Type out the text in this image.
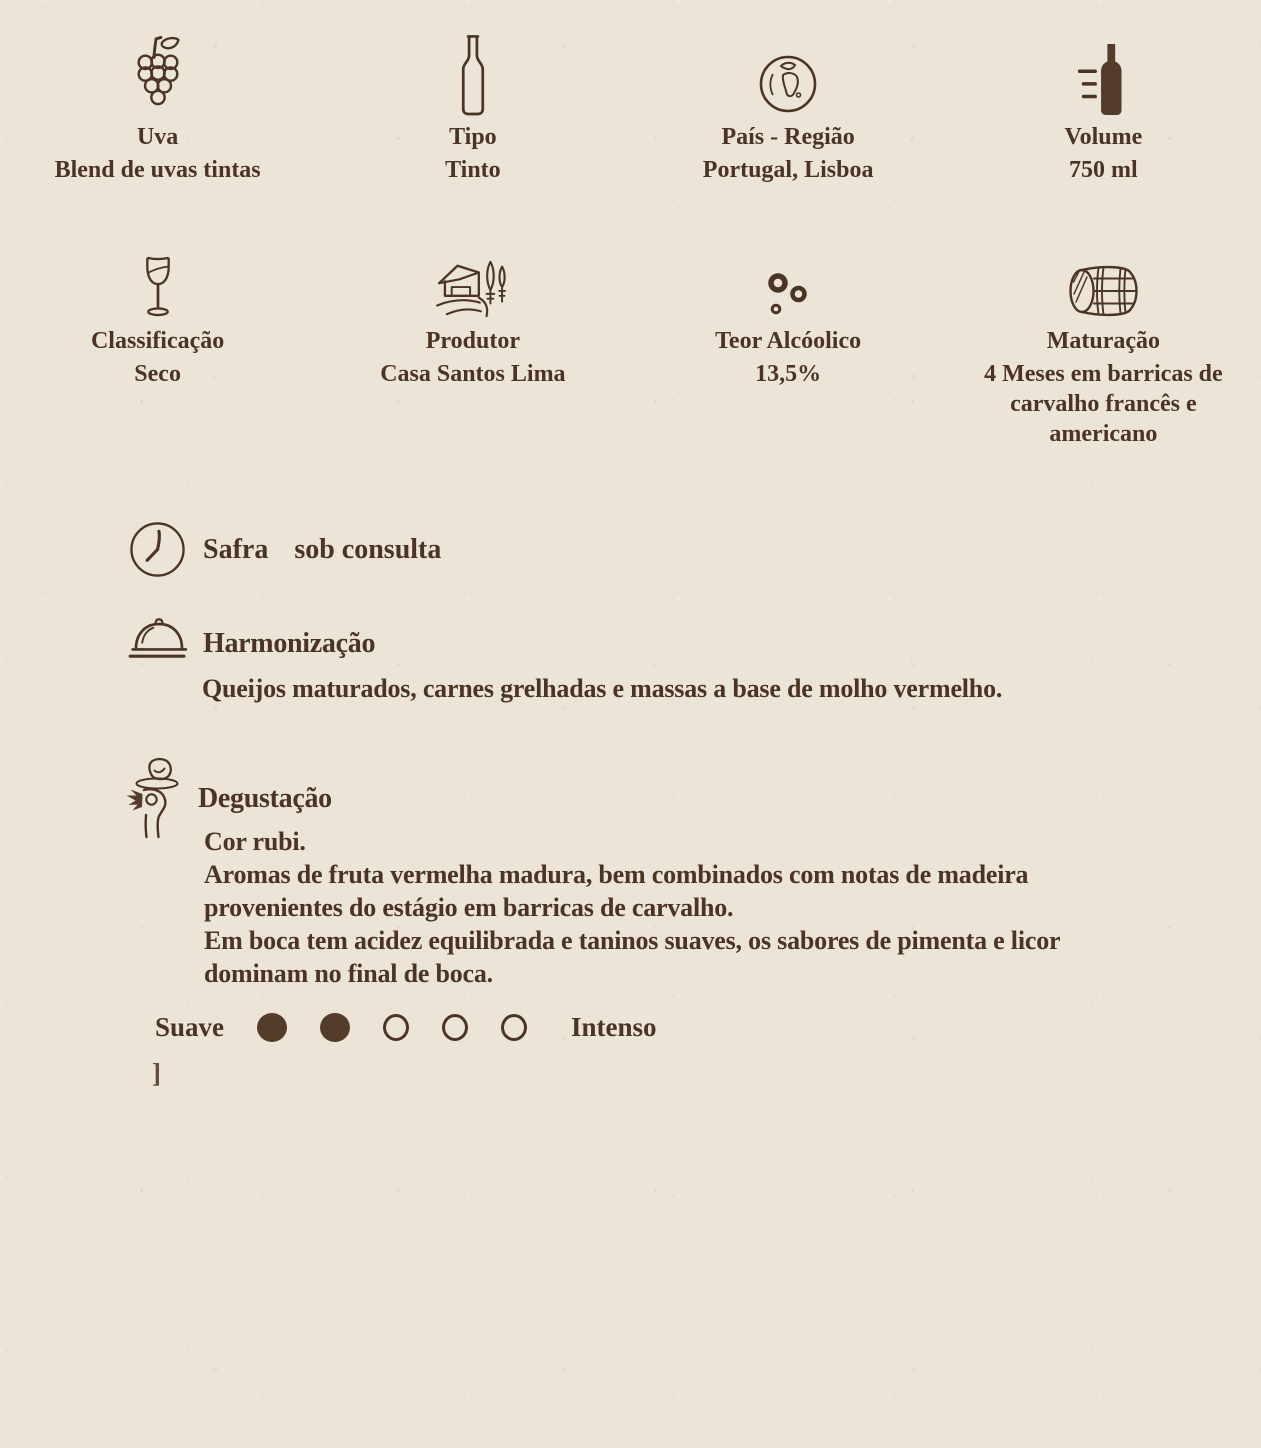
Uva
Blend de uvas tintas
Tipo
Tinto
País - Região
Portugal, Lisboa
Volume
750 ml
Classificação
Seco
Produtor
Casa Santos Lima
Teor Alcóolico
13,5%
Maturação
4 Meses em barricas de carvalho francês e americano
Safra sob consulta
Harmonização

Queijos maturados, carnes grelhadas e massas a base de molho vermelho.

Degustação

Cor rubi.

Aromas de fruta vermelha madura, bem combinados com notas de madeira provenientes do estágio em barricas de carvalho.

Em boca tem acidez equilibrada e taninos suaves, os sabores de pimenta e licor dominam no final de boca.

Suave	Intenso
]
